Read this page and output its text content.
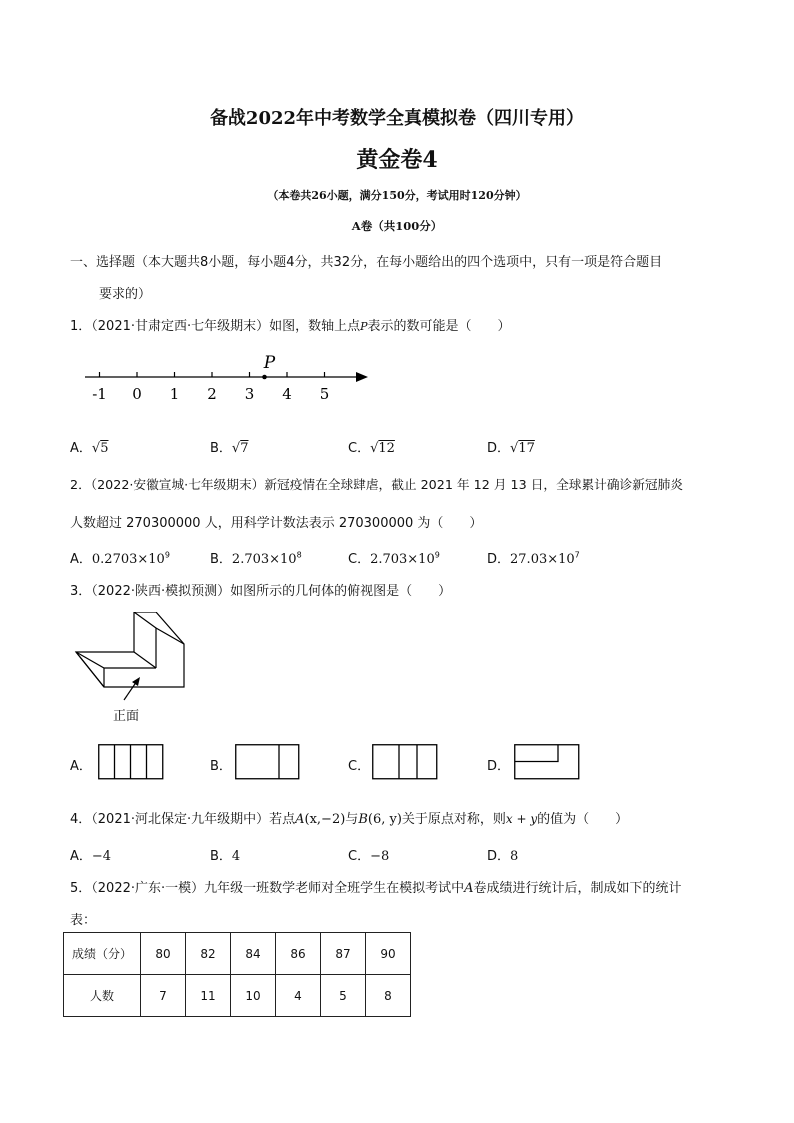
备战2022年中考数学全真模拟卷（四川专用）
黄金卷4
（本卷共26小题，满分150分，考试用时120分钟）
A卷（共100分）
一、选择题（本大题共8小题，每小题4分，共32分，在每小题给出的四个选项中，只有一项是符合题目
要求的）
1．（2021·甘肃定西·七年级期末）如图，数轴上点P表示的数可能是（　　）
-1 0 1 2 3 4 5
P
A．√5	B．√7	C．√12	D．√17
2．（2022·安徽宣城·七年级期末）新冠疫情在全球肆虐，截止 2021 年 12 月 13 日，全球累计确诊新冠肺炎
人数超过 270300000 人，用科学计数法表示 270300000 为（　　）
A．$0.2703\times 10^9$	B．$2.703\times 10^8$	C．$2.703\times 10^9$	D．$27.03\times 10^7$
3．（2022·陕西·模拟预测）如图所示的几何体的俯视图是（　　）
正面
A．	B．	C．	D．
4．（2021·河北保定·九年级期中）若点A(x,−2)与B(6, y)关于原点对称，则x + y的值为（　　）
A．−4	B．4	C．−8	D．8
5．（2022·广东·一模）九年级一班数学老师对全班学生在模拟考试中A卷成绩进行统计后，制成如下的统计
表：
成绩（分）	80	82	84	86	87	90
人数	7	11	10	4	5	8
